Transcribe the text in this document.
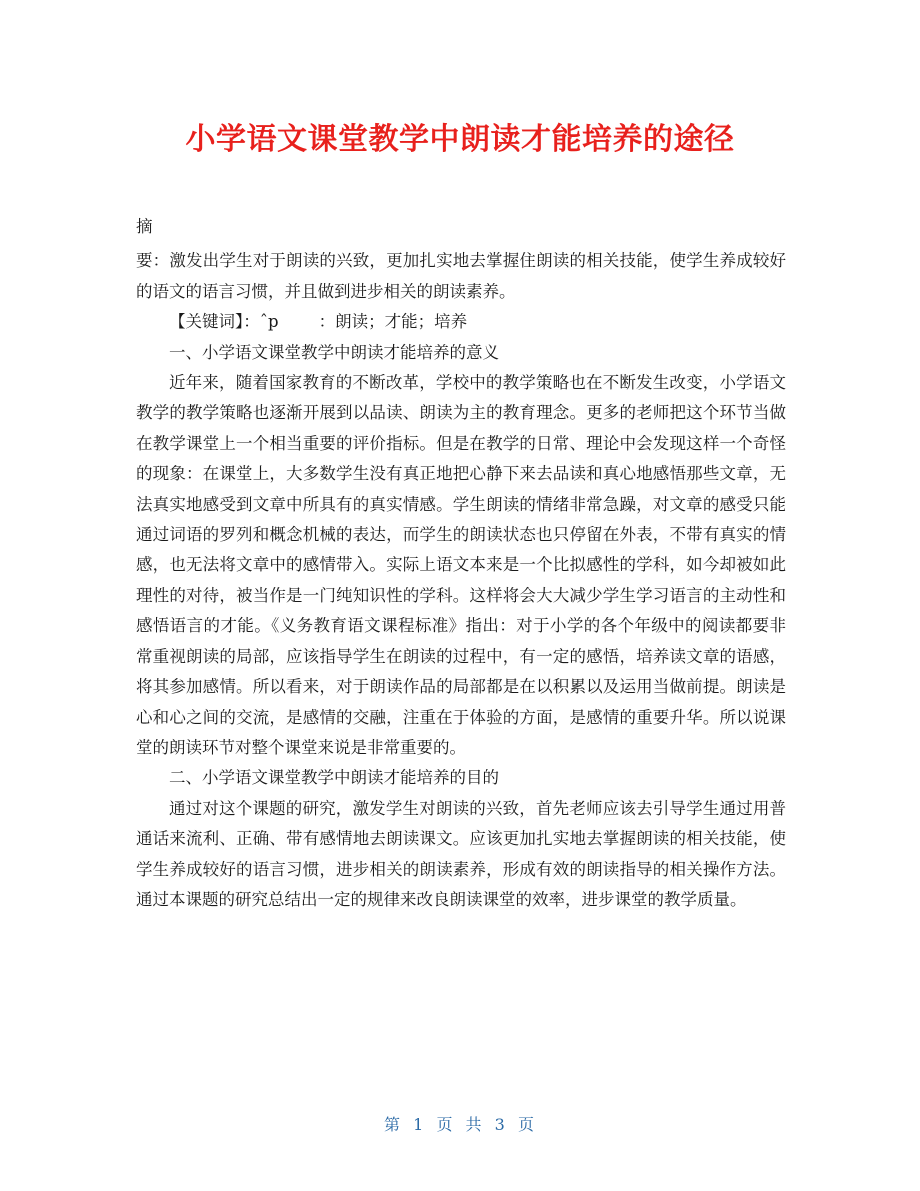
小学语文课堂教学中朗读才能培养的途径

摘

要：激发出学生对于朗读的兴致，更加扎实地去掌握住朗读的相关技能，使学生养成较好的语文的语言习惯，并且做到进步相关的朗读素养。

【关键词】：ˆp ：朗读；才能；培养

一、小学语文课堂教学中朗读才能培养的意义

近年来，随着国家教育的不断改革，学校中的教学策略也在不断发生改变，小学语文教学的教学策略也逐渐开展到以品读、朗读为主的教育理念。更多的老师把这个环节当做在教学课堂上一个相当重要的评价指标。但是在教学的日常、理论中会发现这样一个奇怪的现象：在课堂上，大多数学生没有真正地把心静下来去品读和真心地感悟那些文章，无法真实地感受到文章中所具有的真实情感。学生朗读的情绪非常急躁，对文章的感受只能通过词语的罗列和概念机械的表达，而学生的朗读状态也只停留在外表，不带有真实的情感，也无法将文章中的感情带入。实际上语文本来是一个比拟感性的学科，如今却被如此理性的对待，被当作是一门纯知识性的学科。这样将会大大减少学生学习语言的主动性和感悟语言的才能。《义务教育语文课程标准》指出：对于小学的各个年级中的阅读都要非常重视朗读的局部，应该指导学生在朗读的过程中，有一定的感悟，培养读文章的语感，将其参加感情。所以看来，对于朗读作品的局部都是在以积累以及运用当做前提。朗读是心和心之间的交流，是感情的交融，注重在于体验的方面，是感情的重要升华。所以说课堂的朗读环节对整个课堂来说是非常重要的。

二、小学语文课堂教学中朗读才能培养的目的

通过对这个课题的研究，激发学生对朗读的兴致，首先老师应该去引导学生通过用普通话来流利、正确、带有感情地去朗读课文。应该更加扎实地去掌握朗读的相关技能，使学生养成较好的语言习惯，进步相关的朗读素养，形成有效的朗读指导的相关操作方法。通过本课题的研究总结出一定的规律来改良朗读课堂的效率，进步课堂的教学质量。

第 1 页 共 3 页
